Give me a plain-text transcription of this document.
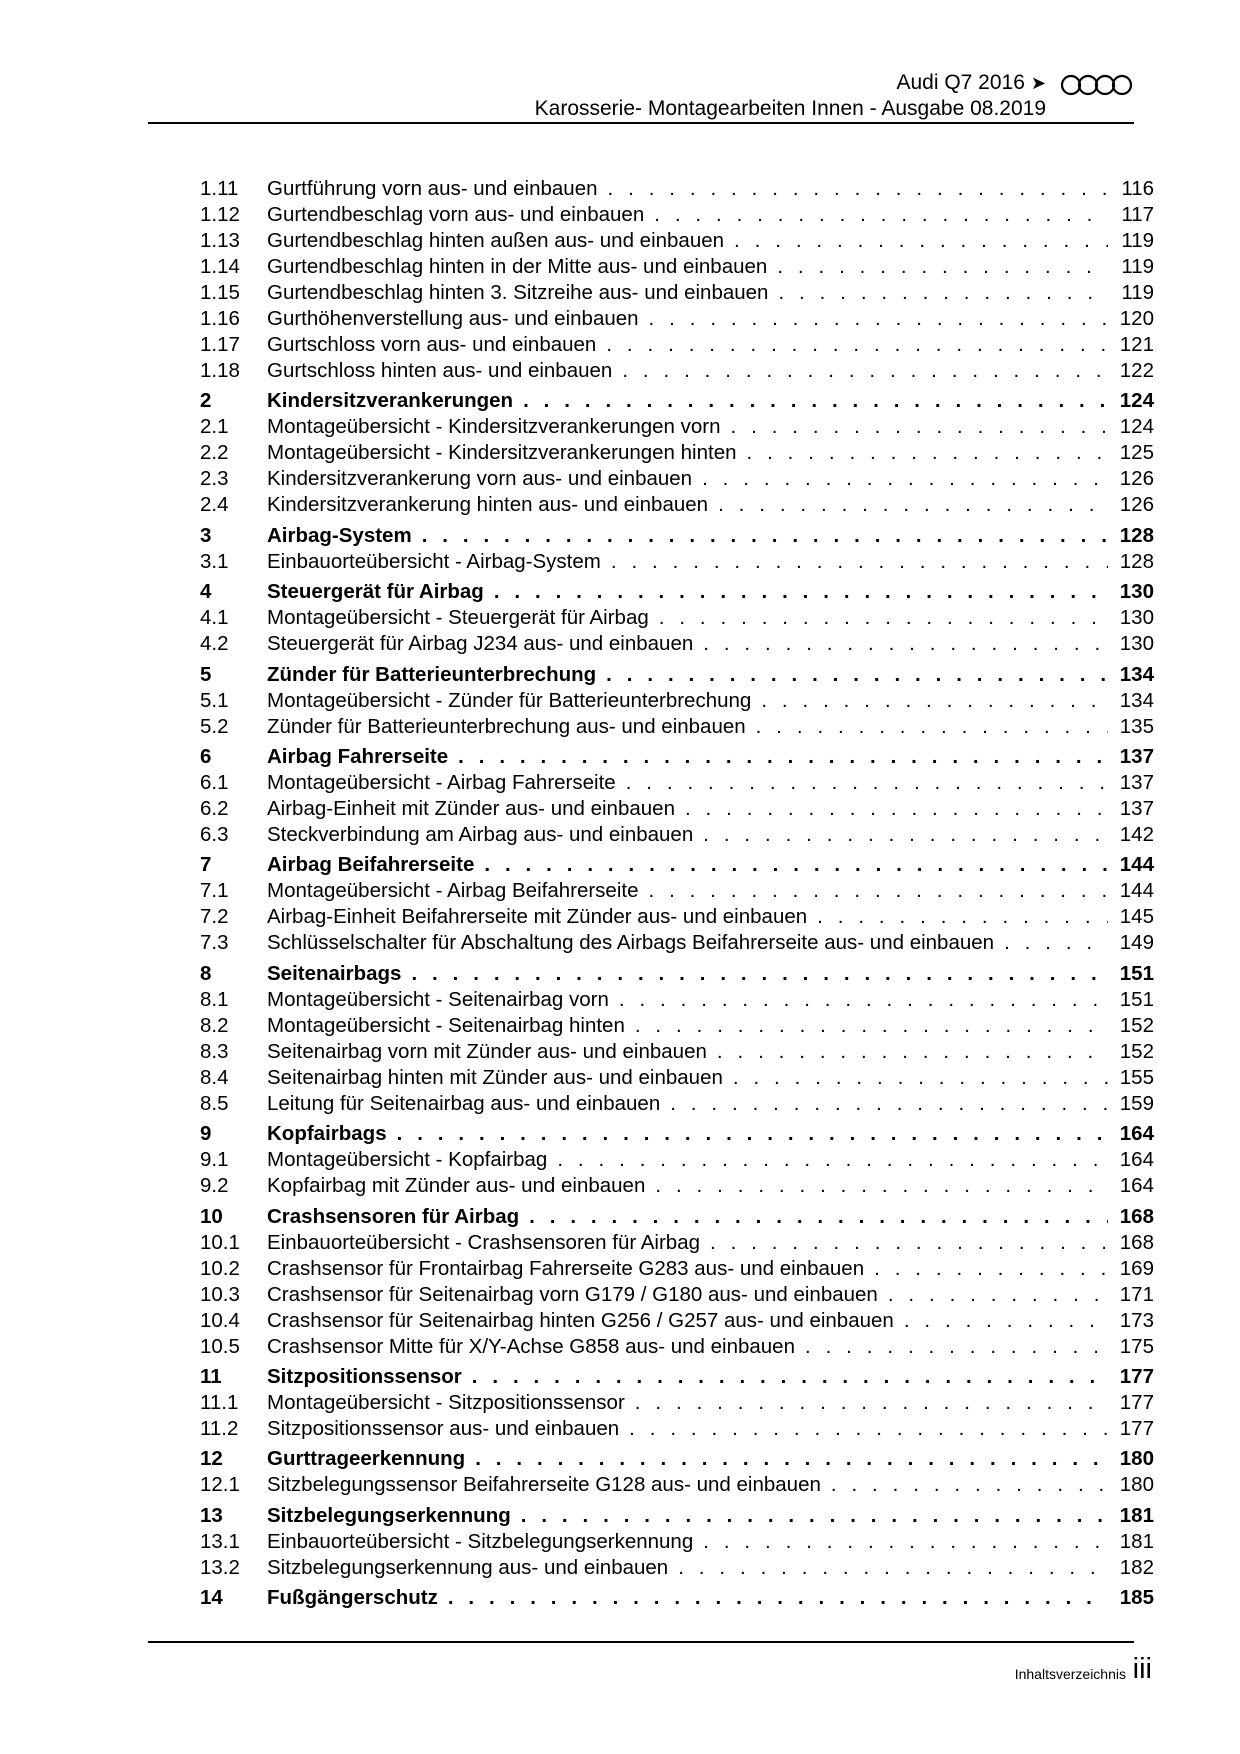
Audi Q7 2016 ➤
Karosserie- Montagearbeiten Innen - Ausgabe 08.2019
1.11	Gurtführung vorn aus- und einbauen . . .	116
1.12	Gurtendbeschlag vorn aus- und einbauen . . .	117
1.13	Gurtendbeschlag hinten außen aus- und einbauen . . .	119
1.14	Gurtendbeschlag hinten in der Mitte aus- und einbauen . . .	119
1.15	Gurtendbeschlag hinten 3. Sitzreihe aus- und einbauen . . .	119
1.16	Gurthöhenverstellung aus- und einbauen . . .	120
1.17	Gurtschloss vorn aus- und einbauen . . .	121
1.18	Gurtschloss hinten aus- und einbauen . . .	122
2	Kindersitzverankerungen . . .	124
2.1	Montageübersicht - Kindersitzverankerungen vorn . . .	124
2.2	Montageübersicht - Kindersitzverankerungen hinten . . .	125
2.3	Kindersitzverankerung vorn aus- und einbauen . . .	126
2.4	Kindersitzverankerung hinten aus- und einbauen . . .	126
3	Airbag-System . . .	128
3.1	Einbauorteübersicht - Airbag-System . . .	128
4	Steuergerät für Airbag . . .	130
4.1	Montageübersicht - Steuergerät für Airbag . . .	130
4.2	Steuergerät für Airbag J234 aus- und einbauen . . .	130
5	Zünder für Batterieunterbrechung . . .	134
5.1	Montageübersicht - Zünder für Batterieunterbrechung . . .	134
5.2	Zünder für Batterieunterbrechung aus- und einbauen . . .	135
6	Airbag Fahrerseite . . .	137
6.1	Montageübersicht - Airbag Fahrerseite . . .	137
6.2	Airbag-Einheit mit Zünder aus- und einbauen . . .	137
6.3	Steckverbindung am Airbag aus- und einbauen . . .	142
7	Airbag Beifahrerseite . . .	144
7.1	Montageübersicht - Airbag Beifahrerseite . . .	144
7.2	Airbag-Einheit Beifahrerseite mit Zünder aus- und einbauen . . .	145
7.3	Schlüsselschalter für Abschaltung des Airbags Beifahrerseite aus- und einbauen . . .	149
8	Seitenairbags . . .	151
8.1	Montageübersicht - Seitenairbag vorn . . .	151
8.2	Montageübersicht - Seitenairbag hinten . . .	152
8.3	Seitenairbag vorn mit Zünder aus- und einbauen . . .	152
8.4	Seitenairbag hinten mit Zünder aus- und einbauen . . .	155
8.5	Leitung für Seitenairbag aus- und einbauen . . .	159
9	Kopfairbags . . .	164
9.1	Montageübersicht - Kopfairbag . . .	164
9.2	Kopfairbag mit Zünder aus- und einbauen . . .	164
10	Crashsensoren für Airbag . . .	168
10.1	Einbauorteübersicht - Crashsensoren für Airbag . . .	168
10.2	Crashsensor für Frontairbag Fahrerseite G283 aus- und einbauen . . .	169
10.3	Crashsensor für Seitenairbag vorn G179 / G180 aus- und einbauen . . .	171
10.4	Crashsensor für Seitenairbag hinten G256 / G257 aus- und einbauen . . .	173
10.5	Crashsensor Mitte für X/Y-Achse G858 aus- und einbauen . . .	175
11	Sitzpositionssensor . . .	177
11.1	Montageübersicht - Sitzpositionssensor . . .	177
11.2	Sitzpositionssensor aus- und einbauen . . .	177
12	Gurttrageerkennung . . .	180
12.1	Sitzbelegungssensor Beifahrerseite G128 aus- und einbauen . . .	180
13	Sitzbelegungserkennung . . .	181
13.1	Einbauorteübersicht - Sitzbelegungserkennung . . .	181
13.2	Sitzbelegungserkennung aus- und einbauen . . .	182
14	Fußgängerschutz . . .	185
Inhaltsverzeichnis iii
